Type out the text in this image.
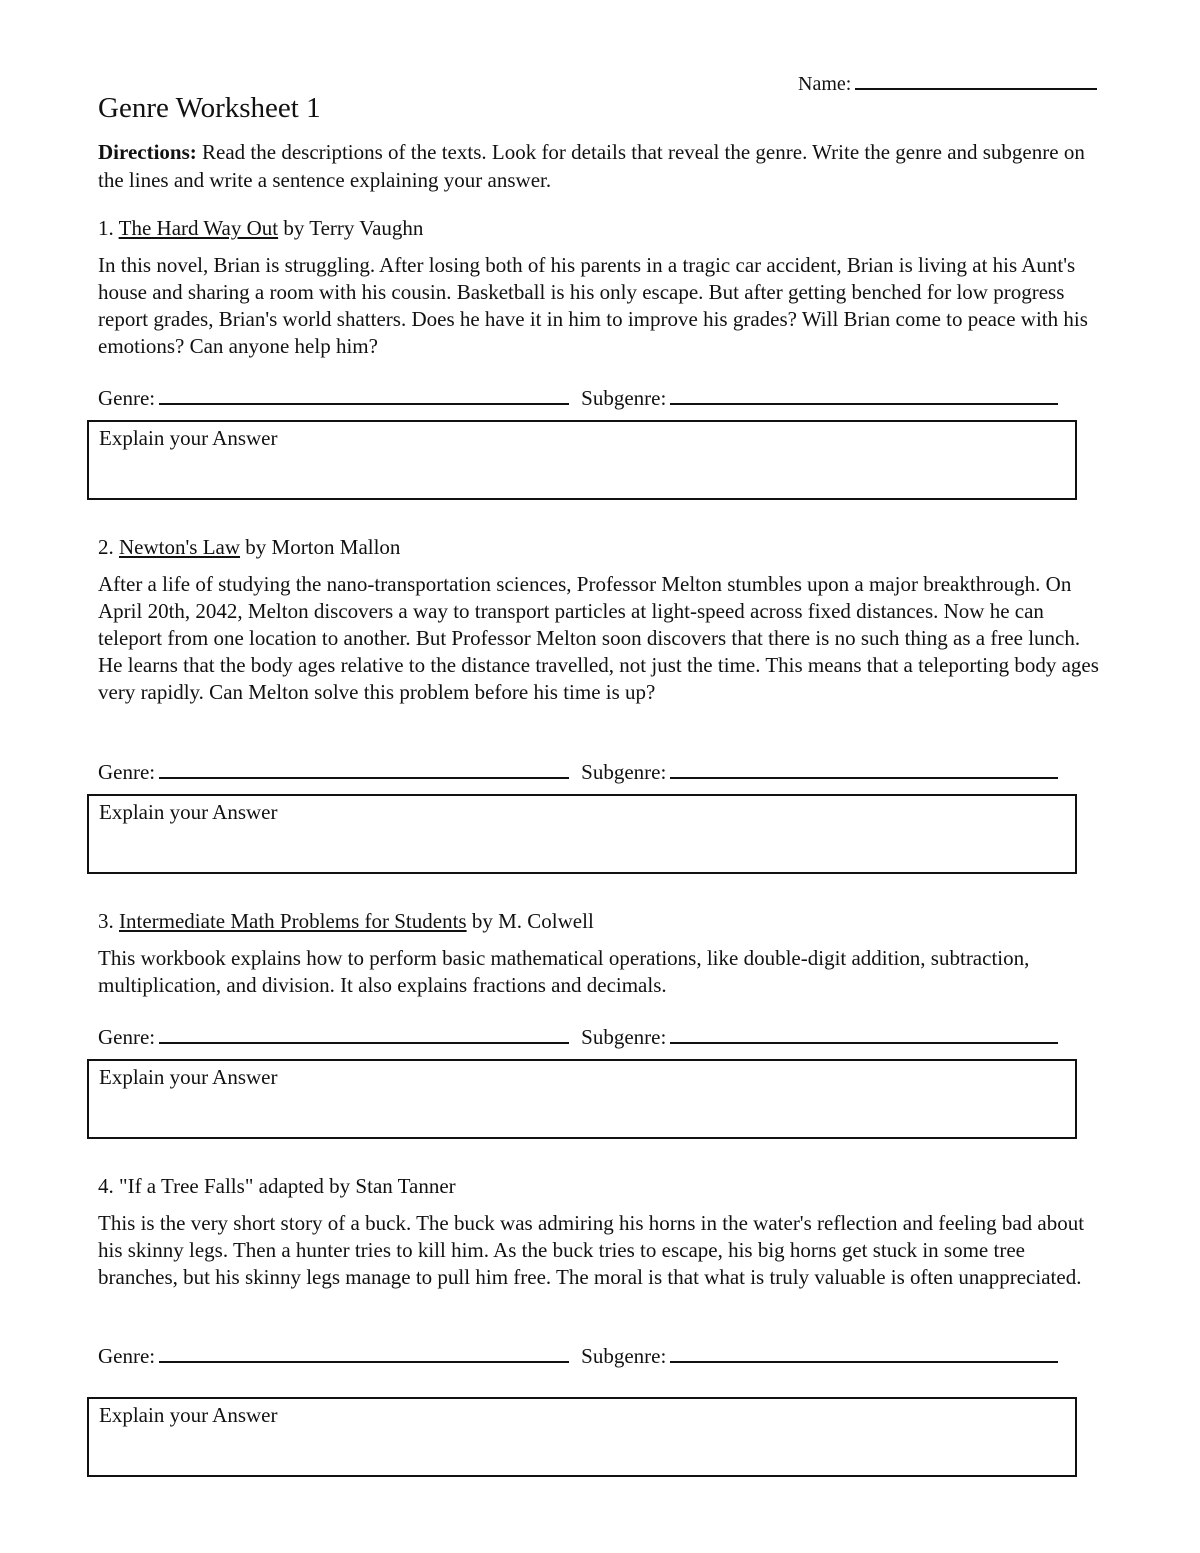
Name:
Genre Worksheet 1

Directions: Read the descriptions of the texts. Look for details that reveal the genre. Write the genre and subgenre on the lines and write a sentence explaining your answer.

1. The Hard Way Out by Terry Vaughn

In this novel, Brian is struggling. After losing both of his parents in a tragic car accident, Brian is living at his Aunt's house and sharing a room with his cousin. Basketball is his only escape. But after getting benched for low progress report grades, Brian's world shatters. Does he have it in him to improve his grades? Will Brian come to peace with his emotions? Can anyone help him?

Genre:	Subgenre:
Explain your Answer

2. Newton's Law by Morton Mallon

After a life of studying the nano-transportation sciences, Professor Melton stumbles upon a major breakthrough. On April 20th, 2042, Melton discovers a way to transport particles at light-speed across fixed distances. Now he can teleport from one location to another. But Professor Melton soon discovers that there is no such thing as a free lunch. He learns that the body ages relative to the distance travelled, not just the time. This means that a teleporting body ages very rapidly. Can Melton solve this problem before his time is up?

Genre:	Subgenre:
Explain your Answer

3. Intermediate Math Problems for Students by M. Colwell

This workbook explains how to perform basic mathematical operations, like double-digit addition, subtraction, multiplication, and division. It also explains fractions and decimals.

Genre:	Subgenre:
Explain your Answer

4. "If a Tree Falls" adapted by Stan Tanner

This is the very short story of a buck. The buck was admiring his horns in the water's reflection and feeling bad about his skinny legs. Then a hunter tries to kill him. As the buck tries to escape, his big horns get stuck in some tree branches, but his skinny legs manage to pull him free. The moral is that what is truly valuable is often unappreciated.

Genre:	Subgenre:
Explain your Answer
